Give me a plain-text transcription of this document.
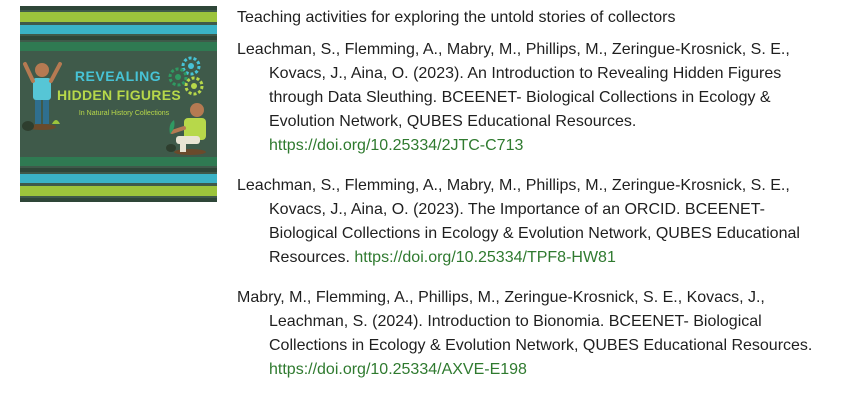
REVEALING
HIDDEN FIGURES
In Natural History Collections

Teaching activities for exploring the untold stories of collectors

Leachman, S., Flemming, A., Mabry, M., Phillips, M., Zeringue-Krosnick, S. E., Kovacs, J., Aina, O. (2023). An Introduction to Revealing Hidden Figures through Data Sleuthing. BCEENET- Biological Collections in Ecology & Evolution Network, QUBES Educational Resources.
https://doi.org/10.25334/2JTC-C713

Leachman, S., Flemming, A., Mabry, M., Phillips, M., Zeringue-Krosnick, S. E., Kovacs, J., Aina, O. (2023). The Importance of an ORCID. BCEENET- Biological Collections in Ecology & Evolution Network, QUBES Educational Resources. https://doi.org/10.25334/TPF8-HW81

Mabry, M., Flemming, A., Phillips, M., Zeringue-Krosnick, S. E., Kovacs, J., Leachman, S. (2024). Introduction to Bionomia. BCEENET- Biological Collections in Ecology & Evolution Network, QUBES Educational Resources.
https://doi.org/10.25334/AXVE-E198
